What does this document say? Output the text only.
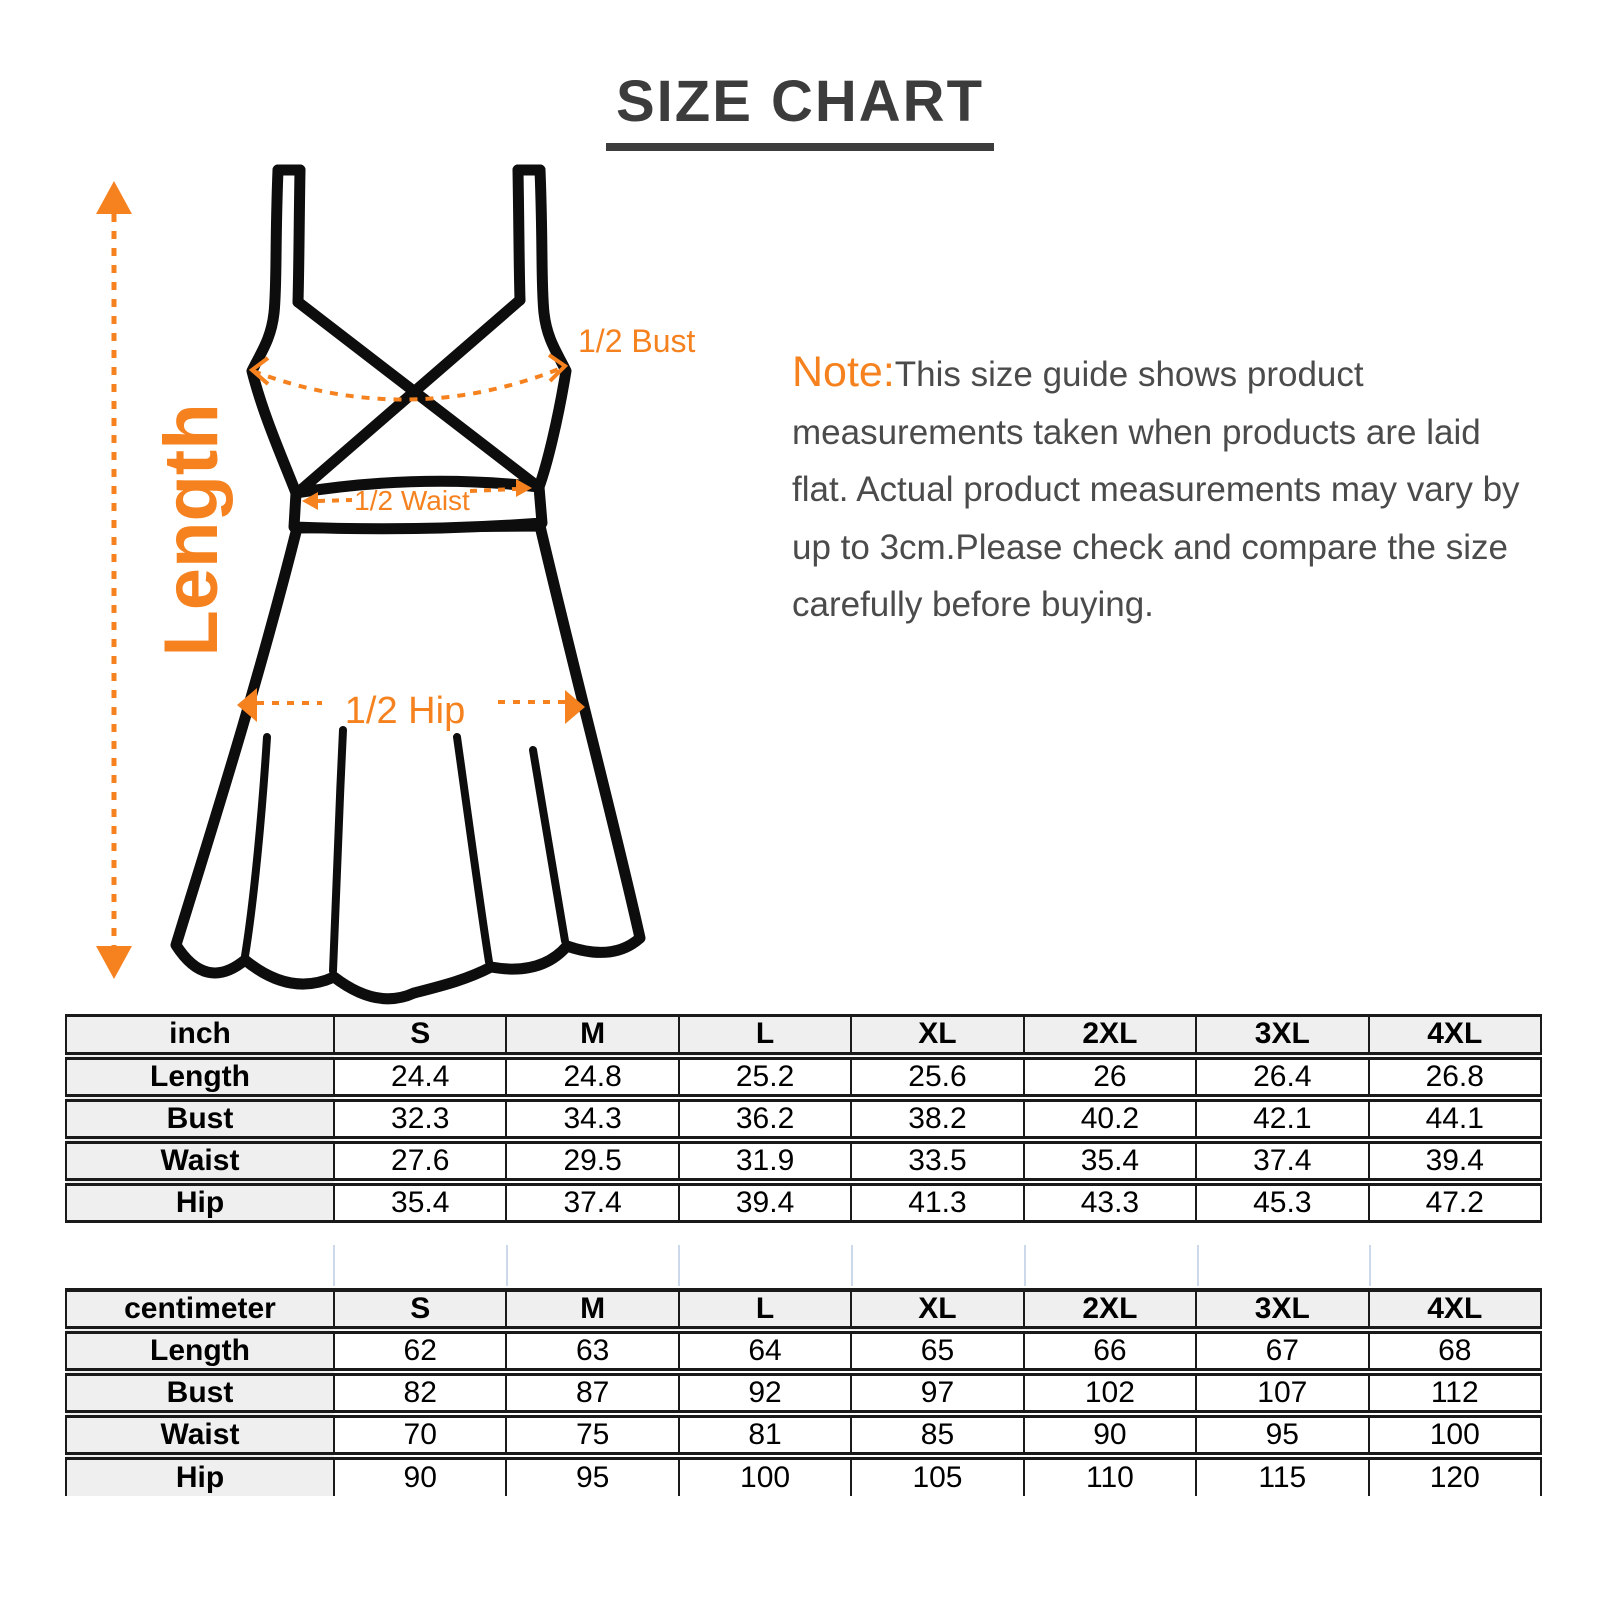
SIZE CHART
Length
1/2 Bust
1/2 Waist
1/2 Hip
Note:This size guide shows product measurements taken when products are laid flat. Actual product measurements may vary by up to 3cm.Please check and compare the size carefully before buying.
inch	S	M	L	XL	2XL	3XL	4XL
Length	24.4	24.8	25.2	25.6	26	26.4	26.8
Bust	32.3	34.3	36.2	38.2	40.2	42.1	44.1
Waist	27.6	29.5	31.9	33.5	35.4	37.4	39.4
Hip	35.4	37.4	39.4	41.3	43.3	45.3	47.2
centimeter	S	M	L	XL	2XL	3XL	4XL
Length	62	63	64	65	66	67	68
Bust	82	87	92	97	102	107	112
Waist	70	75	81	85	90	95	100
Hip	90	95	100	105	110	115	120
